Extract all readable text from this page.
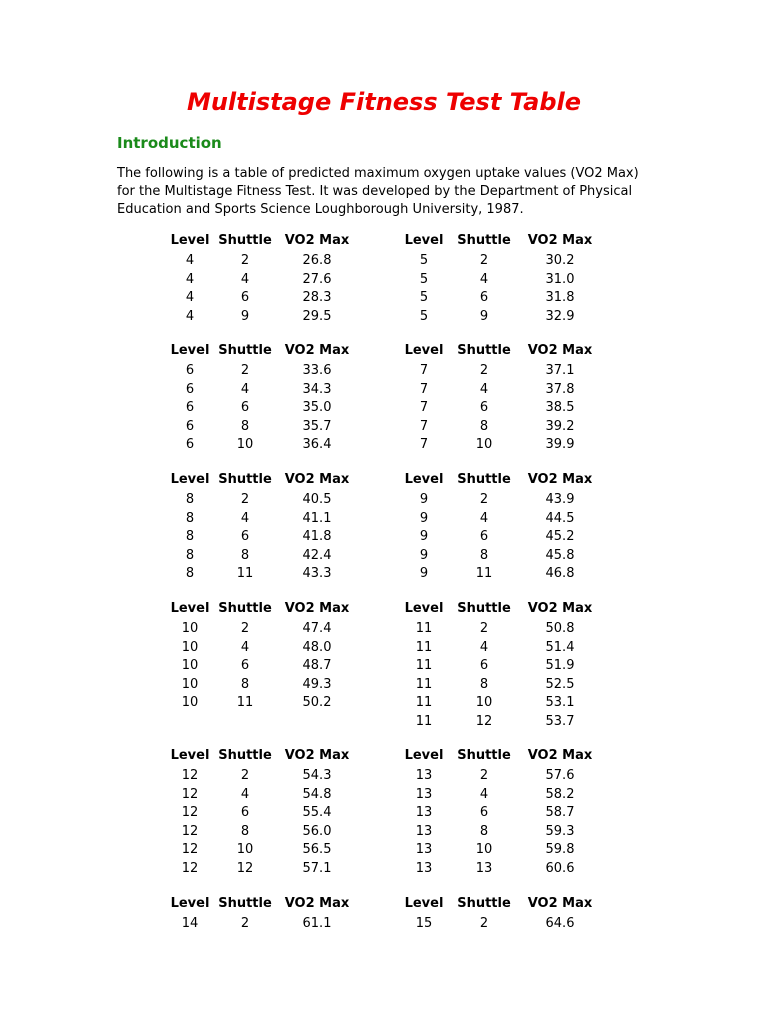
Multistage Fitness Test Table
Introduction

The following is a table of predicted maximum oxygen uptake values (VO2 Max) for the Multistage Fitness Test. It was developed by the Department of Physical Education and Sports Science Loughborough University, 1987.

Level Shuttle VO2 Max
4	2	26.8
4	4	27.6
4	6	28.3
4	9	29.5
Level	Shuttle	VO2 Max
5	2	30.2
5	4	31.0
5	6	31.8
5	9	32.9
Level Shuttle VO2 Max
6	2	33.6
6	4	34.3
6	6	35.0
6	8	35.7
6	10	36.4
Level	Shuttle	VO2 Max
7	2	37.1
7	4	37.8
7	6	38.5
7	8	39.2
7	10	39.9
Level Shuttle VO2 Max
8	2	40.5
8	4	41.1
8	6	41.8
8	8	42.4
8	11	43.3
Level	Shuttle	VO2 Max
9	2	43.9
9	4	44.5
9	6	45.2
9	8	45.8
9	11	46.8
Level Shuttle VO2 Max
10	2	47.4
10	4	48.0
10	6	48.7
10	8	49.3
10	11	50.2
Level	Shuttle	VO2 Max
11	2	50.8
11	4	51.4
11	6	51.9
11	8	52.5
11	10	53.1
11	12	53.7
Level Shuttle VO2 Max
12	2	54.3
12	4	54.8
12	6	55.4
12	8	56.0
12	10	56.5
12	12	57.1
Level	Shuttle	VO2 Max
13	2	57.6
13	4	58.2
13	6	58.7
13	8	59.3
13	10	59.8
13	13	60.6
Level Shuttle VO2 Max
14	2	61.1
Level	Shuttle	VO2 Max
15	2	64.6
